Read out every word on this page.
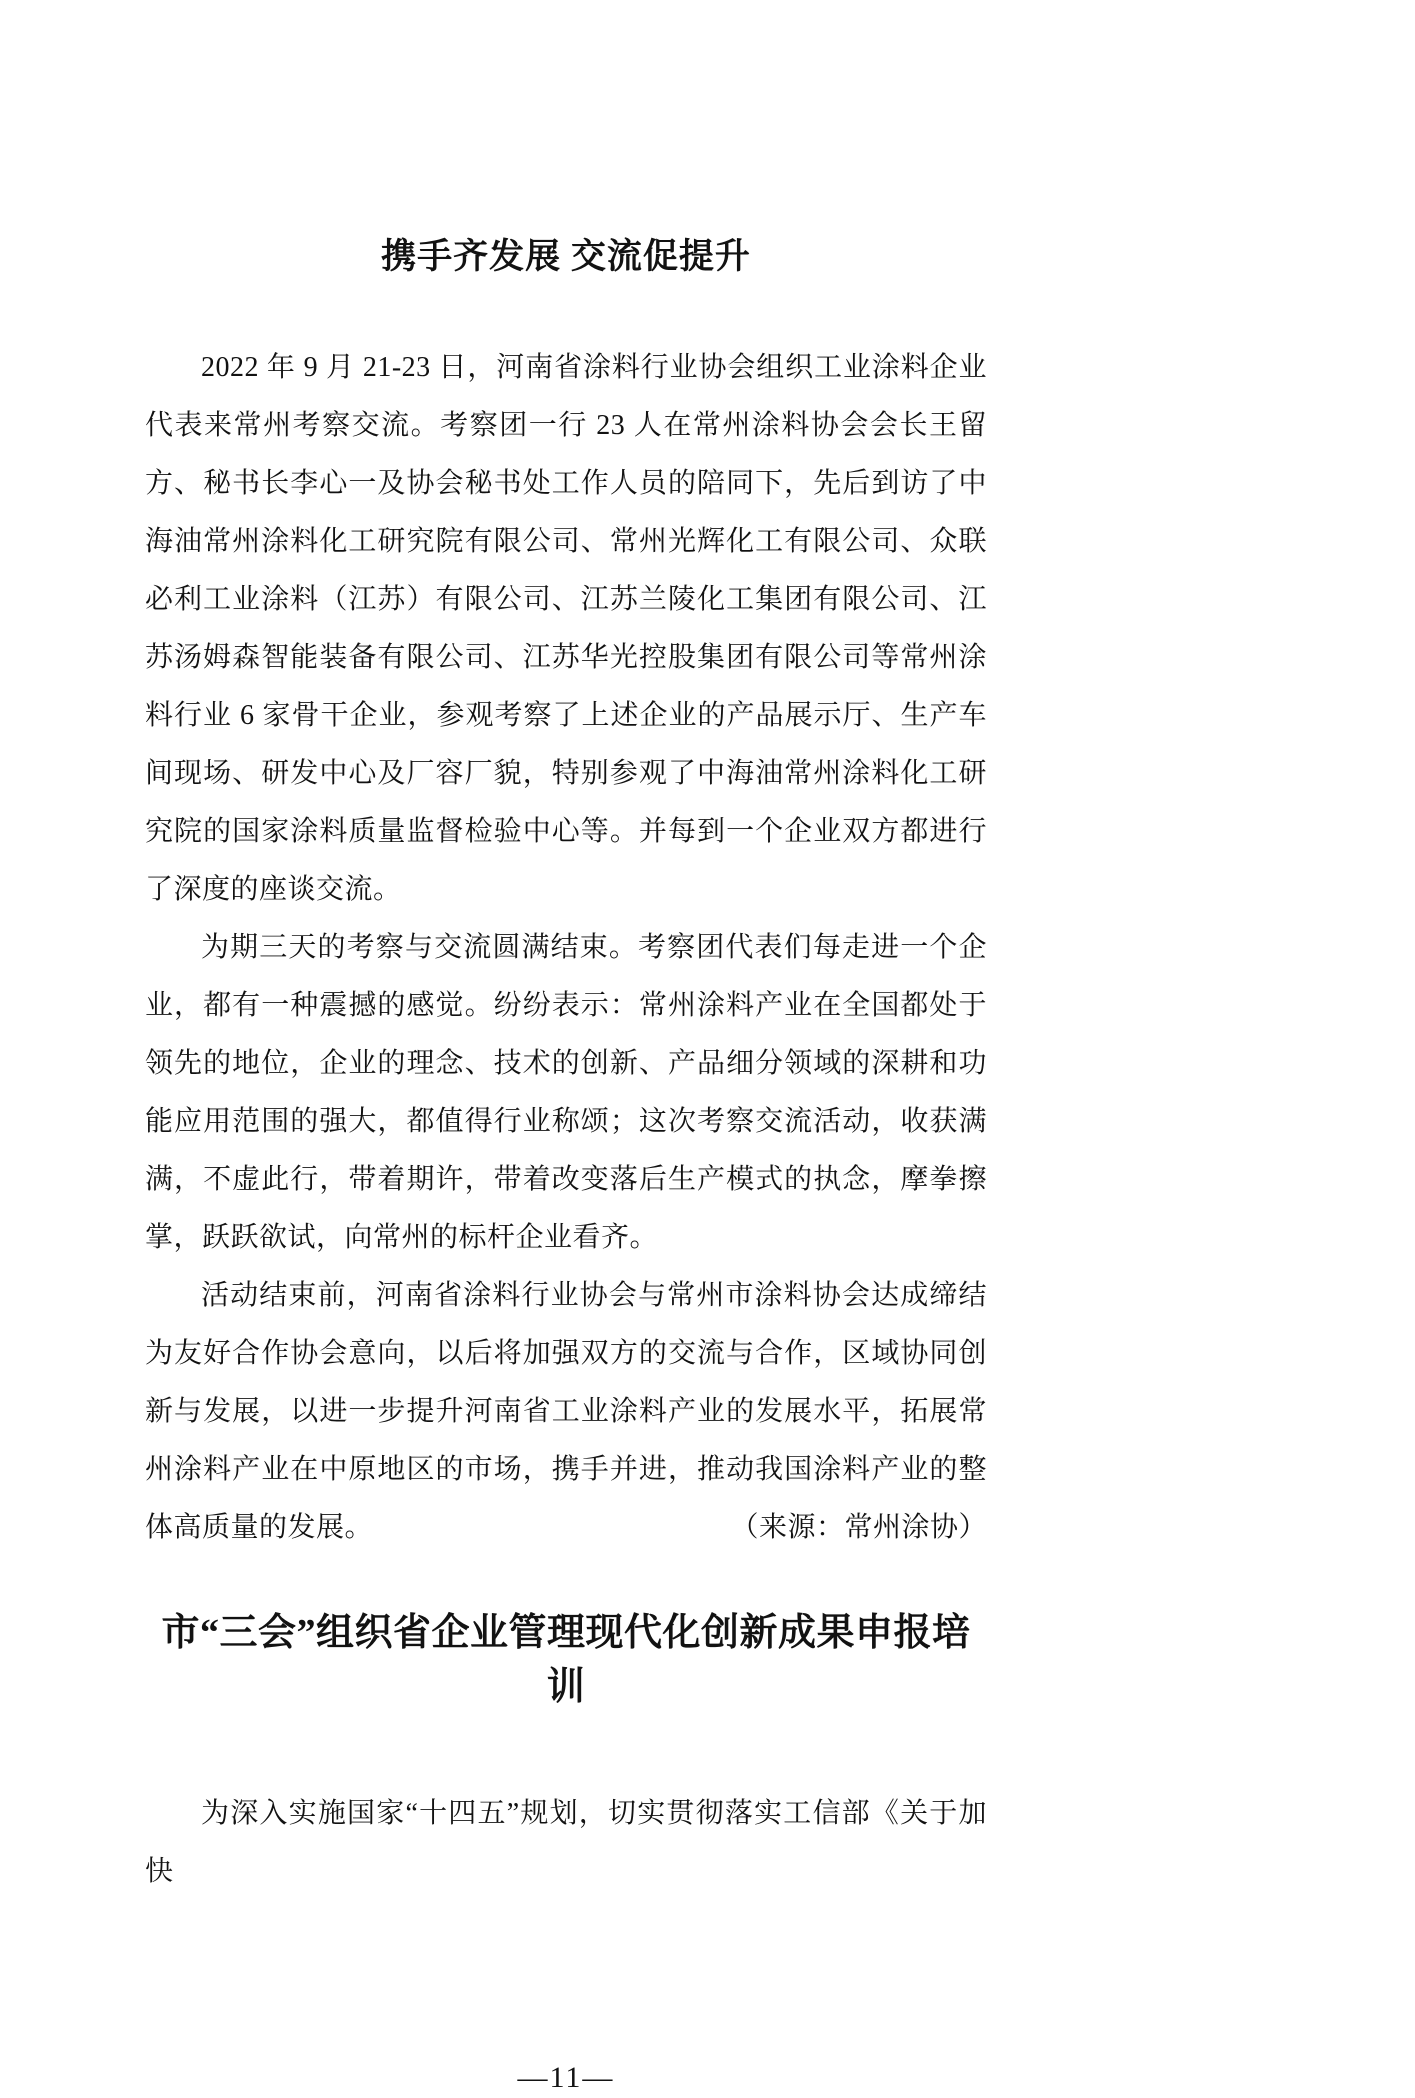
携手齐发展 交流促提升

2022 年 9 月 21-23 日，河南省涂料行业协会组织工业涂料企业代表来常州考察交流。考察团一行 23 人在常州涂料协会会长王留方、秘书长李心一及协会秘书处工作人员的陪同下，先后到访了中海油常州涂料化工研究院有限公司、常州光辉化工有限公司、众联必利工业涂料（江苏）有限公司、江苏兰陵化工集团有限公司、江苏汤姆森智能装备有限公司、江苏华光控股集团有限公司等常州涂料行业 6 家骨干企业，参观考察了上述企业的产品展示厅、生产车间现场、研发中心及厂容厂貌，特别参观了中海油常州涂料化工研究院的国家涂料质量监督检验中心等。并每到一个企业双方都进行了深度的座谈交流。

为期三天的考察与交流圆满结束。考察团代表们每走进一个企业，都有一种震撼的感觉。纷纷表示：常州涂料产业在全国都处于领先的地位，企业的理念、技术的创新、产品细分领域的深耕和功能应用范围的强大，都值得行业称颂；这次考察交流活动，收获满满，不虚此行，带着期许，带着改变落后生产模式的执念，摩拳擦掌，跃跃欲试，向常州的标杆企业看齐。

活动结束前，河南省涂料行业协会与常州市涂料协会达成缔结为友好合作协会意向，以后将加强双方的交流与合作，区域协同创新与发展，以进一步提升河南省工业涂料产业的发展水平，拓展常州涂料产业在中原地区的市场，携手并进，推动我国涂料产业的整体高质量的发展。	（来源：常州涂协）

市“三会”组织省企业管理现代化创新成果申报培训

为深入实施国家“十四五”规划，切实贯彻落实工信部《关于加快

—11—
